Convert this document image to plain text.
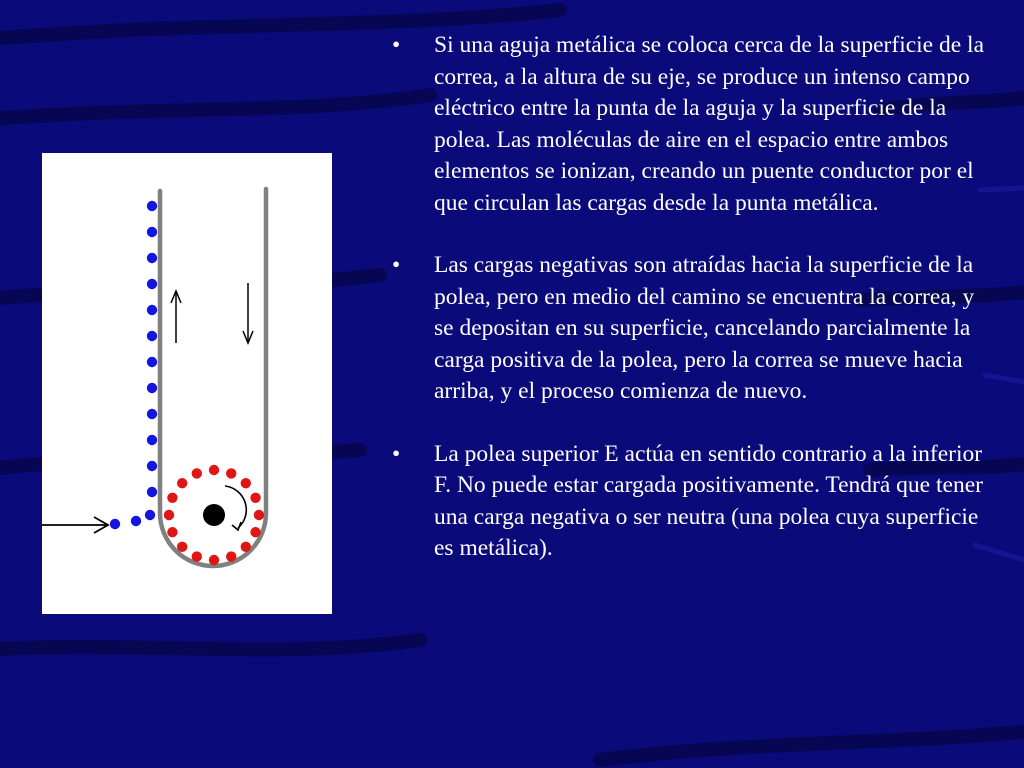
•	Si una aguja metálica se coloca cerca de la superficie de la correa, a la altura de su eje, se produce un intenso campo eléctrico entre la punta de la aguja y la superficie de la polea. Las moléculas de aire en el espacio entre ambos elementos se ionizan, creando un puente conductor por el que circulan las cargas desde la punta metálica.
•	Las cargas negativas son atraídas hacia la superficie de la polea, pero en medio del camino se encuentra la correa, y se depositan en su superficie, cancelando parcialmente la carga positiva de la polea, pero la correa se mueve hacia arriba, y el proceso comienza de nuevo.
•	La polea superior E actúa en sentido contrario a la inferior F. No puede estar cargada positivamente. Tendrá que tener una carga negativa o ser neutra (una polea cuya superficie es metálica).
